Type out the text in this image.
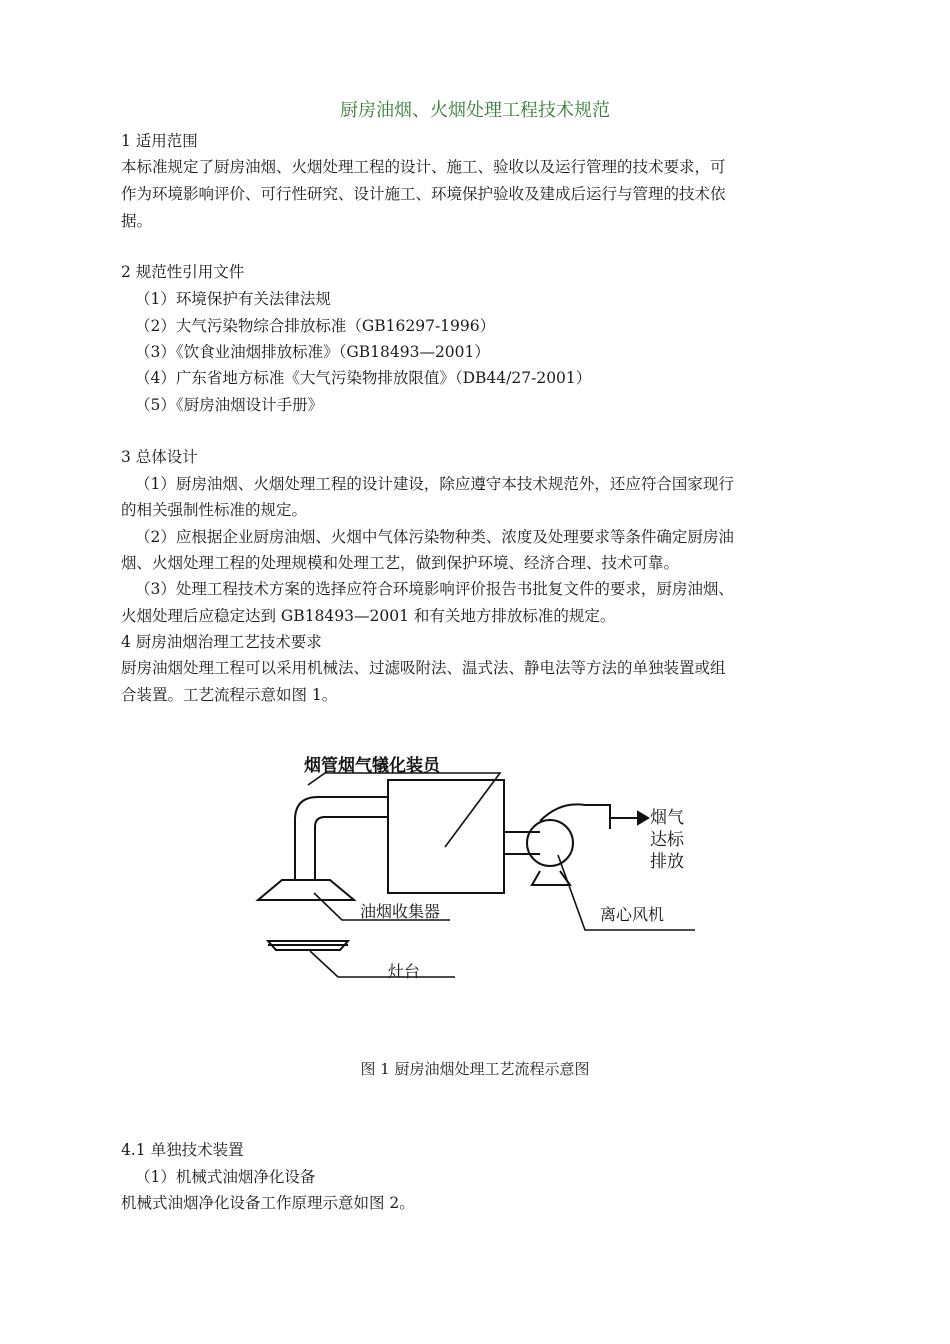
厨房油烟、火烟处理工程技术规范
1 适用范围
本标准规定了厨房油烟、火烟处理工程的设计、施工、验收以及运行管理的技术要求，可
作为环境影响评价、可行性研究、设计施工、环境保护验收及建成后运行与管理的技术依
据。
2 规范性引用文件
（1）环境保护有关法律法规
（2）大气污染物综合排放标准（GB16297-1996）
（3）《饮食业油烟排放标准》（GB18493—2001）
（4）广东省地方标准《大气污染物排放限值》（DB44/27-2001）
（5）《厨房油烟设计手册》
3 总体设计
（1）厨房油烟、火烟处理工程的设计建设，除应遵守本技术规范外，还应符合国家现行
的相关强制性标准的规定。
（2）应根据企业厨房油烟、火烟中气体污染物种类、浓度及处理要求等条件确定厨房油
烟、火烟处理工程的处理规模和处理工艺，做到保护环境、经济合理、技术可靠。
（3）处理工程技术方案的选择应符合环境影响评价报告书批复文件的要求，厨房油烟、
火烟处理后应稳定达到 GB18493—2001 和有关地方排放标准的规定。
4 厨房油烟治理工艺技术要求
厨房油烟处理工程可以采用机械法、过滤吸附法、温式法、静电法等方法的单独装置或组
合装置。工艺流程示意如图 1。
烟管烟气犠化装员
烟气
达标
排放
油烟收集器	离心风机
灶台
图 1 厨房油烟处理工艺流程示意图
4.1 单独技术装置
（1）机械式油烟净化设备
机械式油烟净化设备工作原理示意如图 2。
